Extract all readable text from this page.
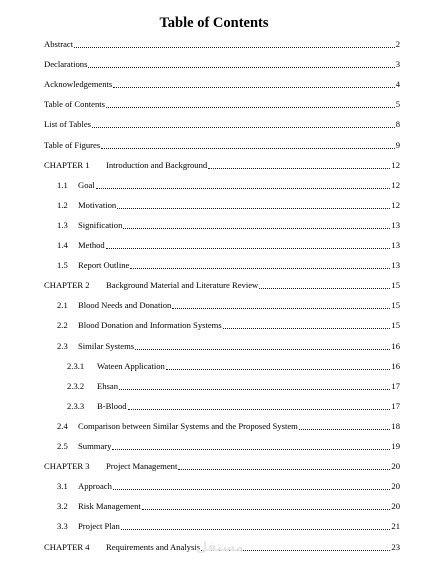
Table of Contents
Abstract	2
Declarations	3
Acknowledgements	4
Table of Contents	5
List of Tables	8
Table of Figures	9
CHAPTER 1	Introduction and Background	12
1.1	Goal	12
1.2	Motivation	12
1.3	Signification	13
1.4	Method	13
1.5	Report Outline	13
CHAPTER 2	Background Material and Literature Review	15
2.1	Blood Needs and Donation	15
2.2	Blood Donation and Information Systems	15
2.3	Similar Systems	16
2.3.1	Wateen Application	16
2.3.2	Ehsan	17
2.3.3	B-Blood	17
2.4	Comparison between Similar Systems and the Proposed System	18
2.5	Summary	19
CHAPTER 3	Project Management	20
3.1	Approach	20
3.2	Risk Management	20
3.3	Project Plan	21
CHAPTER 4	Requirements and Analysis	23
مستقل
